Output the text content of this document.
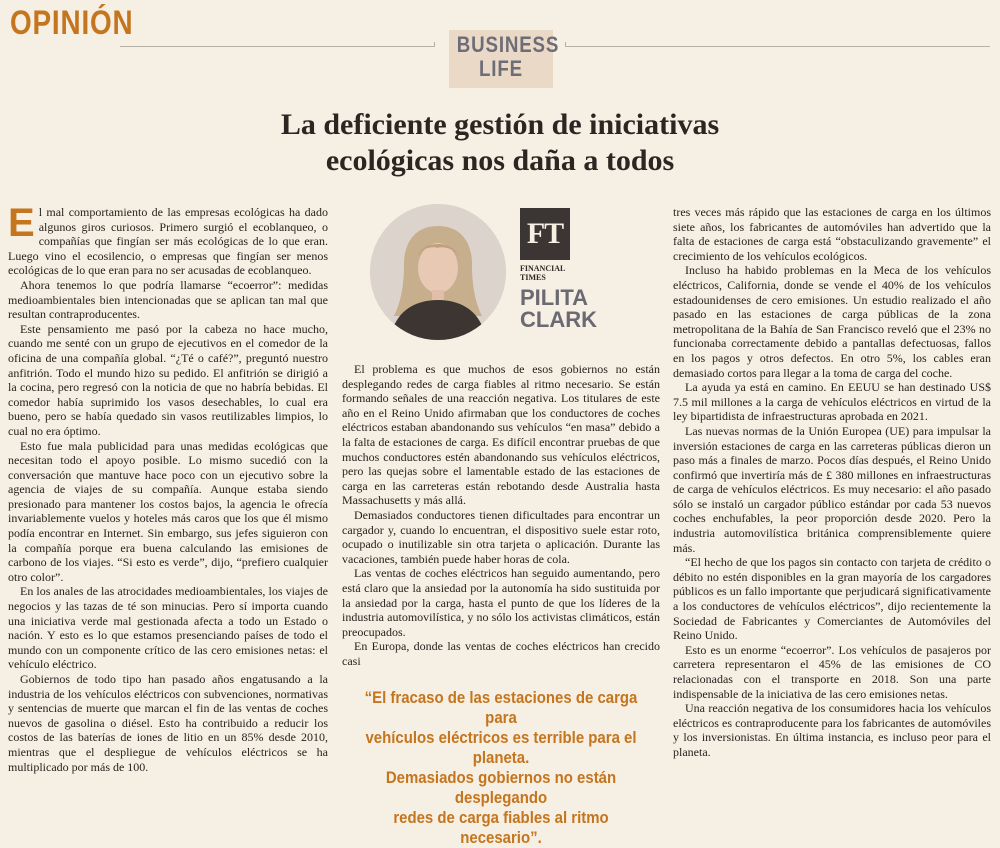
OPINIÓN
BUSINESS
LIFE
La deficiente gestión de iniciativas
ecológicas nos daña a todos

El mal comportamiento de las empresas ecológicas ha dado algunos giros curiosos. Primero surgió el ecoblanqueo, o compañías que fingían ser más ecológicas de lo que eran. Luego vino el ecosilencio, o empresas que fingían ser menos ecológicas de lo que eran para no ser acusadas de ecoblanqueo.

Ahora tenemos lo que podría llamarse “ecoerror”: medidas medioambientales bien intencionadas que se aplican tan mal que resultan contraproducentes.

Este pensamiento me pasó por la cabeza no hace mucho, cuando me senté con un grupo de ejecutivos en el comedor de la oficina de una compañía global. “¿Té o café?”, preguntó nuestro anfitrión. Todo el mundo hizo su pedido. El anfitrión se dirigió a la cocina, pero regresó con la noticia de que no habría bebidas. El comedor había suprimido los vasos desechables, lo cual era bueno, pero se había quedado sin vasos reutilizables limpios, lo cual no era óptimo.

Esto fue mala publicidad para unas medidas ecológicas que necesitan todo el apoyo posible. Lo mismo sucedió con la conversación que mantuve hace poco con un ejecutivo sobre la agencia de viajes de su compañía. Aunque estaba siendo presionado para mantener los costos bajos, la agencia le ofrecía invariablemente vuelos y hoteles más caros que los que él mismo podía encontrar en Internet. Sin embargo, sus jefes siguieron con la compañía porque era buena calculando las emisiones de carbono de los viajes. “Si esto es verde”, dijo, “prefiero cualquier otro color”.

En los anales de las atrocidades medioambientales, los viajes de negocios y las tazas de té son minucias. Pero sí importa cuando una iniciativa verde mal gestionada afecta a todo un Estado o nación. Y esto es lo que estamos presenciando países de todo el mundo con un componente crítico de las cero emisiones netas: el vehículo eléctrico.

Gobiernos de todo tipo han pasado años engatusando a la industria de los vehículos eléctricos con subvenciones, normativas y sentencias de muerte que marcan el fin de las ventas de coches nuevos de gasolina o diésel. Esto ha contribuido a reducir los costos de las baterías de iones de litio en un 85% desde 2010, mientras que el despliegue de vehículos eléctricos se ha multiplicado por más de 100.

FT
FINANCIAL TIMES
PILITA
CLARK

El problema es que muchos de esos gobiernos no están desplegando redes de carga fiables al ritmo necesario. Se están formando señales de una reacción negativa. Los titulares de este año en el Reino Unido afirmaban que los conductores de coches eléctricos estaban abandonando sus vehículos “en masa” debido a la falta de estaciones de carga. Es difícil encontrar pruebas de que muchos conductores estén abandonando sus vehículos eléctricos, pero las quejas sobre el lamentable estado de las estaciones de carga en las carreteras están rebotando desde Australia hasta Massachusetts y más allá.

Demasiados conductores tienen dificultades para encontrar un cargador y, cuando lo encuentran, el dispositivo suele estar roto, ocupado o inutilizable sin otra tarjeta o aplicación. Durante las vacaciones, también puede haber horas de cola.

Las ventas de coches eléctricos han seguido aumentando, pero está claro que la ansiedad por la autonomía ha sido sustituida por la ansiedad por la carga, hasta el punto de que los líderes de la industria automovilística, y no sólo los activistas climáticos, están preocupados.

En Europa, donde las ventas de coches eléctricos han crecido casi

“El fracaso de las estaciones de carga para
vehículos eléctricos es terrible para el planeta.
Demasiados gobiernos no están desplegando
redes de carga fiables al ritmo necesario”.

tres veces más rápido que las estaciones de carga en los últimos siete años, los fabricantes de automóviles han advertido que la falta de estaciones de carga está “obstaculizando gravemente” el crecimiento de los vehículos ecológicos.

Incluso ha habido problemas en la Meca de los vehículos eléctricos, California, donde se vende el 40% de los vehículos estadounidenses de cero emisiones. Un estudio realizado el año pasado en las estaciones de carga públicas de la zona metropolitana de la Bahía de San Francisco reveló que el 23% no funcionaba correctamente debido a pantallas defectuosas, fallos en los pagos y otros defectos. En otro 5%, los cables eran demasiado cortos para llegar a la toma de carga del coche.

La ayuda ya está en camino. En EEUU se han destinado US$ 7.5 mil millones a la carga de vehículos eléctricos en virtud de la ley bipartidista de infraestructuras aprobada en 2021.

Las nuevas normas de la Unión Europea (UE) para impulsar la inversión estaciones de carga en las carreteras públicas dieron un paso más a finales de marzo. Pocos días después, el Reino Unido confirmó que invertiría más de £ 380 millones en infraestructuras de carga de vehículos eléctricos. Es muy necesario: el año pasado sólo se instaló un cargador público estándar por cada 53 nuevos coches enchufables, la peor proporción desde 2020. Pero la industria automovilística británica comprensiblemente quiere más.

“El hecho de que los pagos sin contacto con tarjeta de crédito o débito no estén disponibles en la gran mayoría de los cargadores públicos es un fallo importante que perjudicará significativamente a los conductores de vehículos eléctricos”, dijo recientemente la Sociedad de Fabricantes y Comerciantes de Automóviles del Reino Unido.

Esto es un enorme “ecoerror”. Los vehículos de pasajeros por carretera representaron el 45% de las emisiones de CO relacionadas con el transporte en 2018. Son una parte indispensable de la iniciativa de las cero emisiones netas.

Una reacción negativa de los consumidores hacia los vehículos eléctricos es contraproducente para los fabricantes de automóviles y los inversionistas. En última instancia, es incluso peor para el planeta.
